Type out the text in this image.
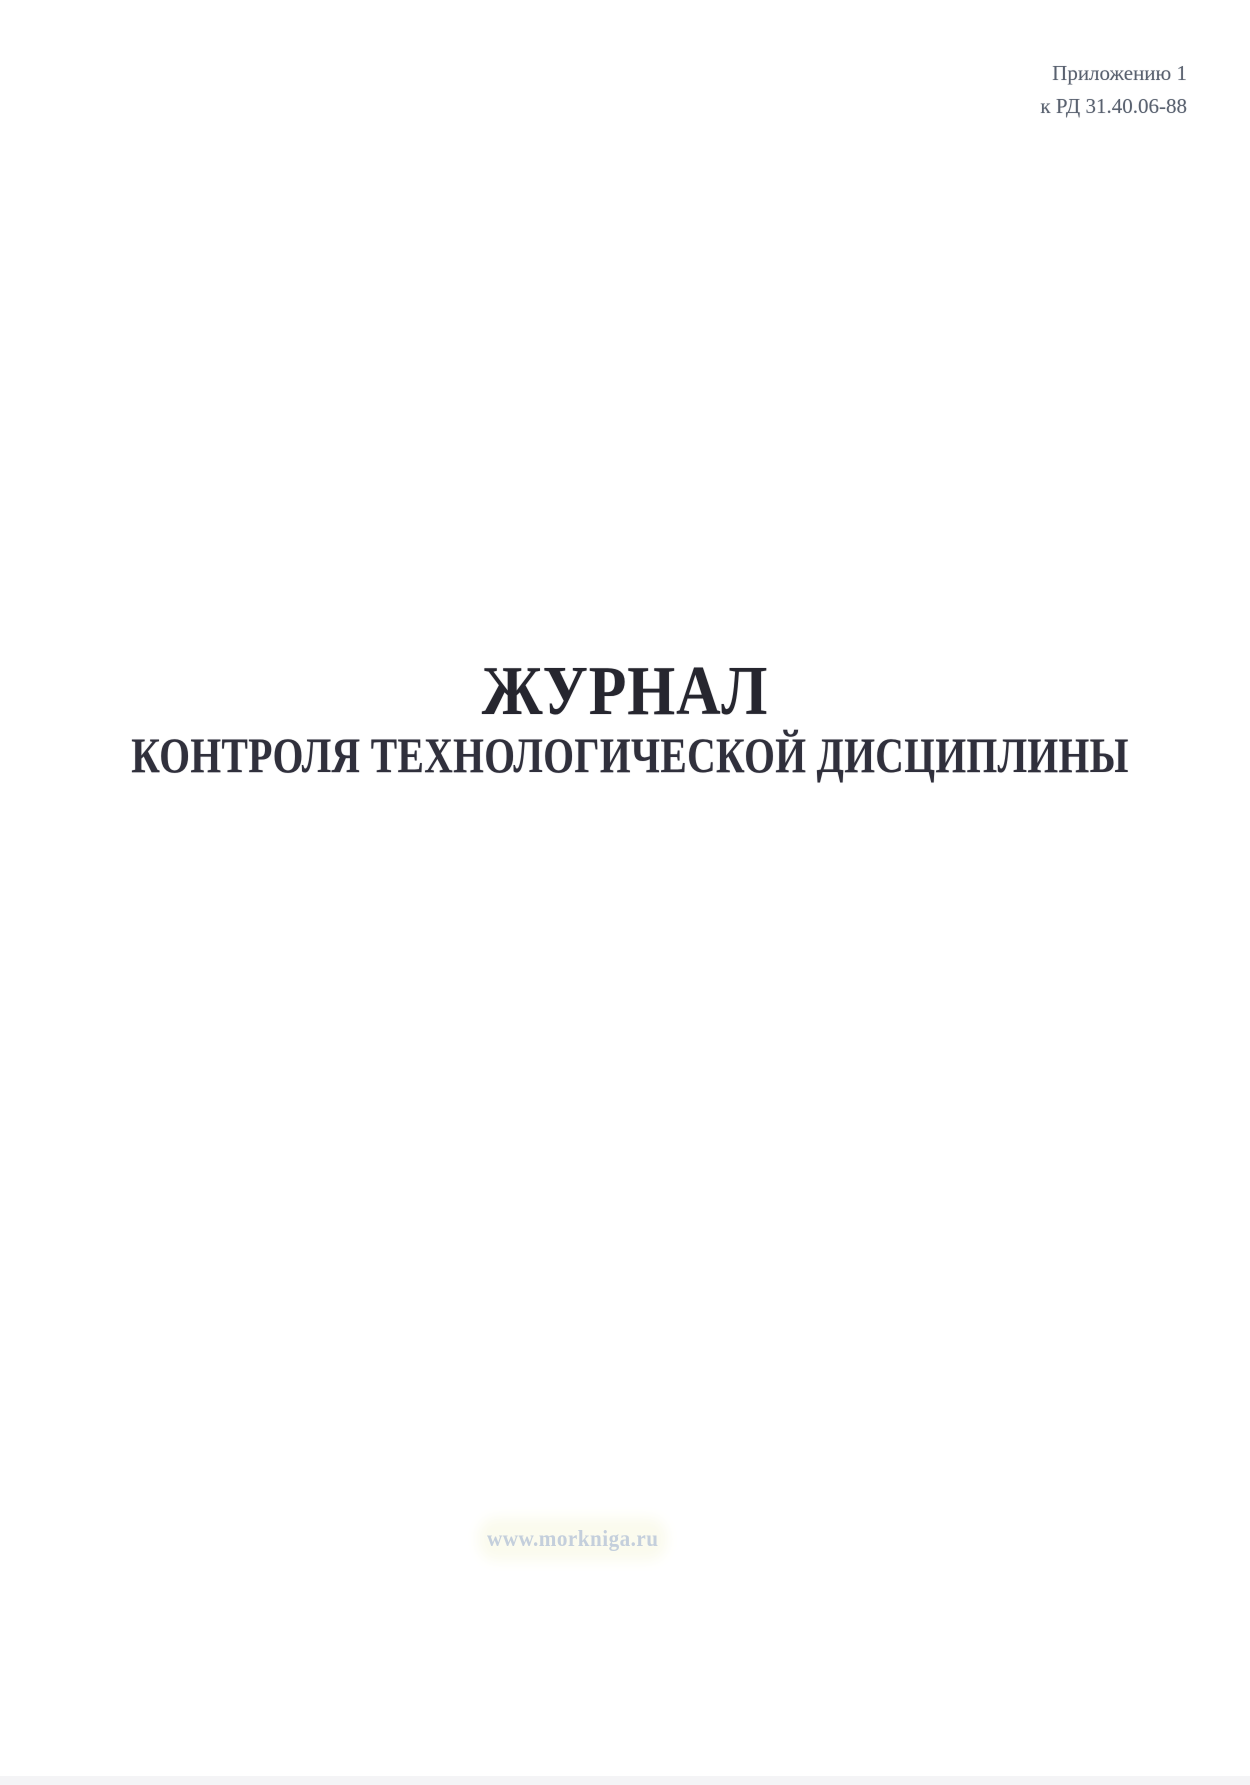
Приложению 1
к РД 31.40.06-88
ЖУРНАЛ
КОНТРОЛЯ ТЕХНОЛОГИЧЕСКОЙ ДИСЦИПЛИНЫ
www.morkniga.ru
